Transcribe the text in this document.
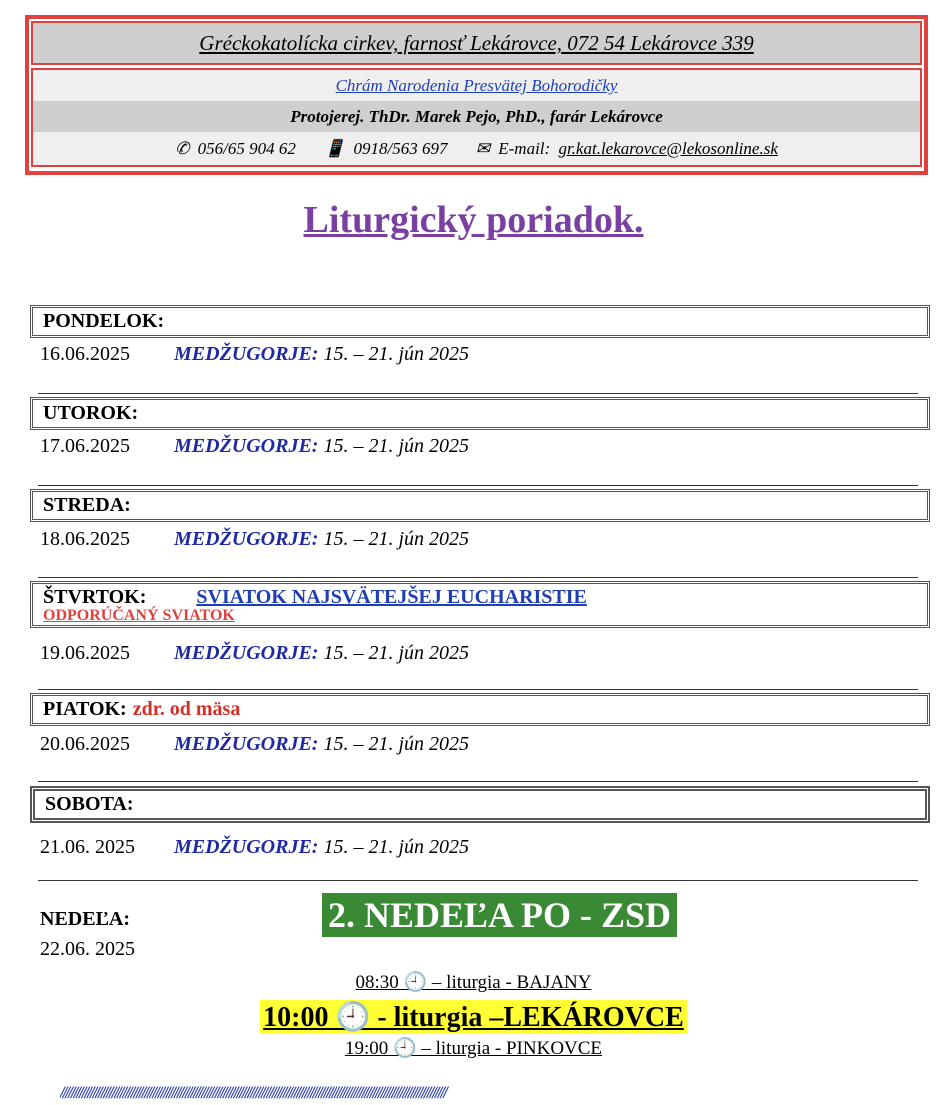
Gréckokatolícka cirkev, farnosť Lekárovce, 072 54 Lekárovce 339
Chrám Narodenia Presvätej Bohorodičky
Protojerej. ThDr. Marek Pejo, PhD., farár Lekárovce
✆ 056/65 904 62 📱 0918/563 697 ✉ E-mail: gr.kat.lekarovce@lekosonline.sk
Liturgický poriadok.
PONDELOK:
16.06.2025 MEDŽUGORJE: 15. – 21. jún 2025
UTOROK:
17.06.2025 MEDŽUGORJE: 15. – 21. jún 2025
STREDA:
18.06.2025 MEDŽUGORJE: 15. – 21. jún 2025
ŠTVRTOK:	SVIATOK NAJSVÄTEJŠEJ EUCHARISTIE
ODPORÚČANÝ SVIATOK
19.06.2025 MEDŽUGORJE: 15. – 21. jún 2025
PIATOK: zdr. od mäsa
20.06.2025 MEDŽUGORJE: 15. – 21. jún 2025
SOBOTA:
21.06. 2025 MEDŽUGORJE: 15. – 21. jún 2025
NEDEĽA:
22.06. 2025
2. NEDEĽA PO - ZSD
08:30 🕘 – liturgia - BAJANY
10:00 🕘 - liturgia –LEKÁROVCE
19:00 🕘 – liturgia - PINKOVCE
//////////////////////////////////////////////////////////////////////////////////////////////////////////////////////////////////////////////
